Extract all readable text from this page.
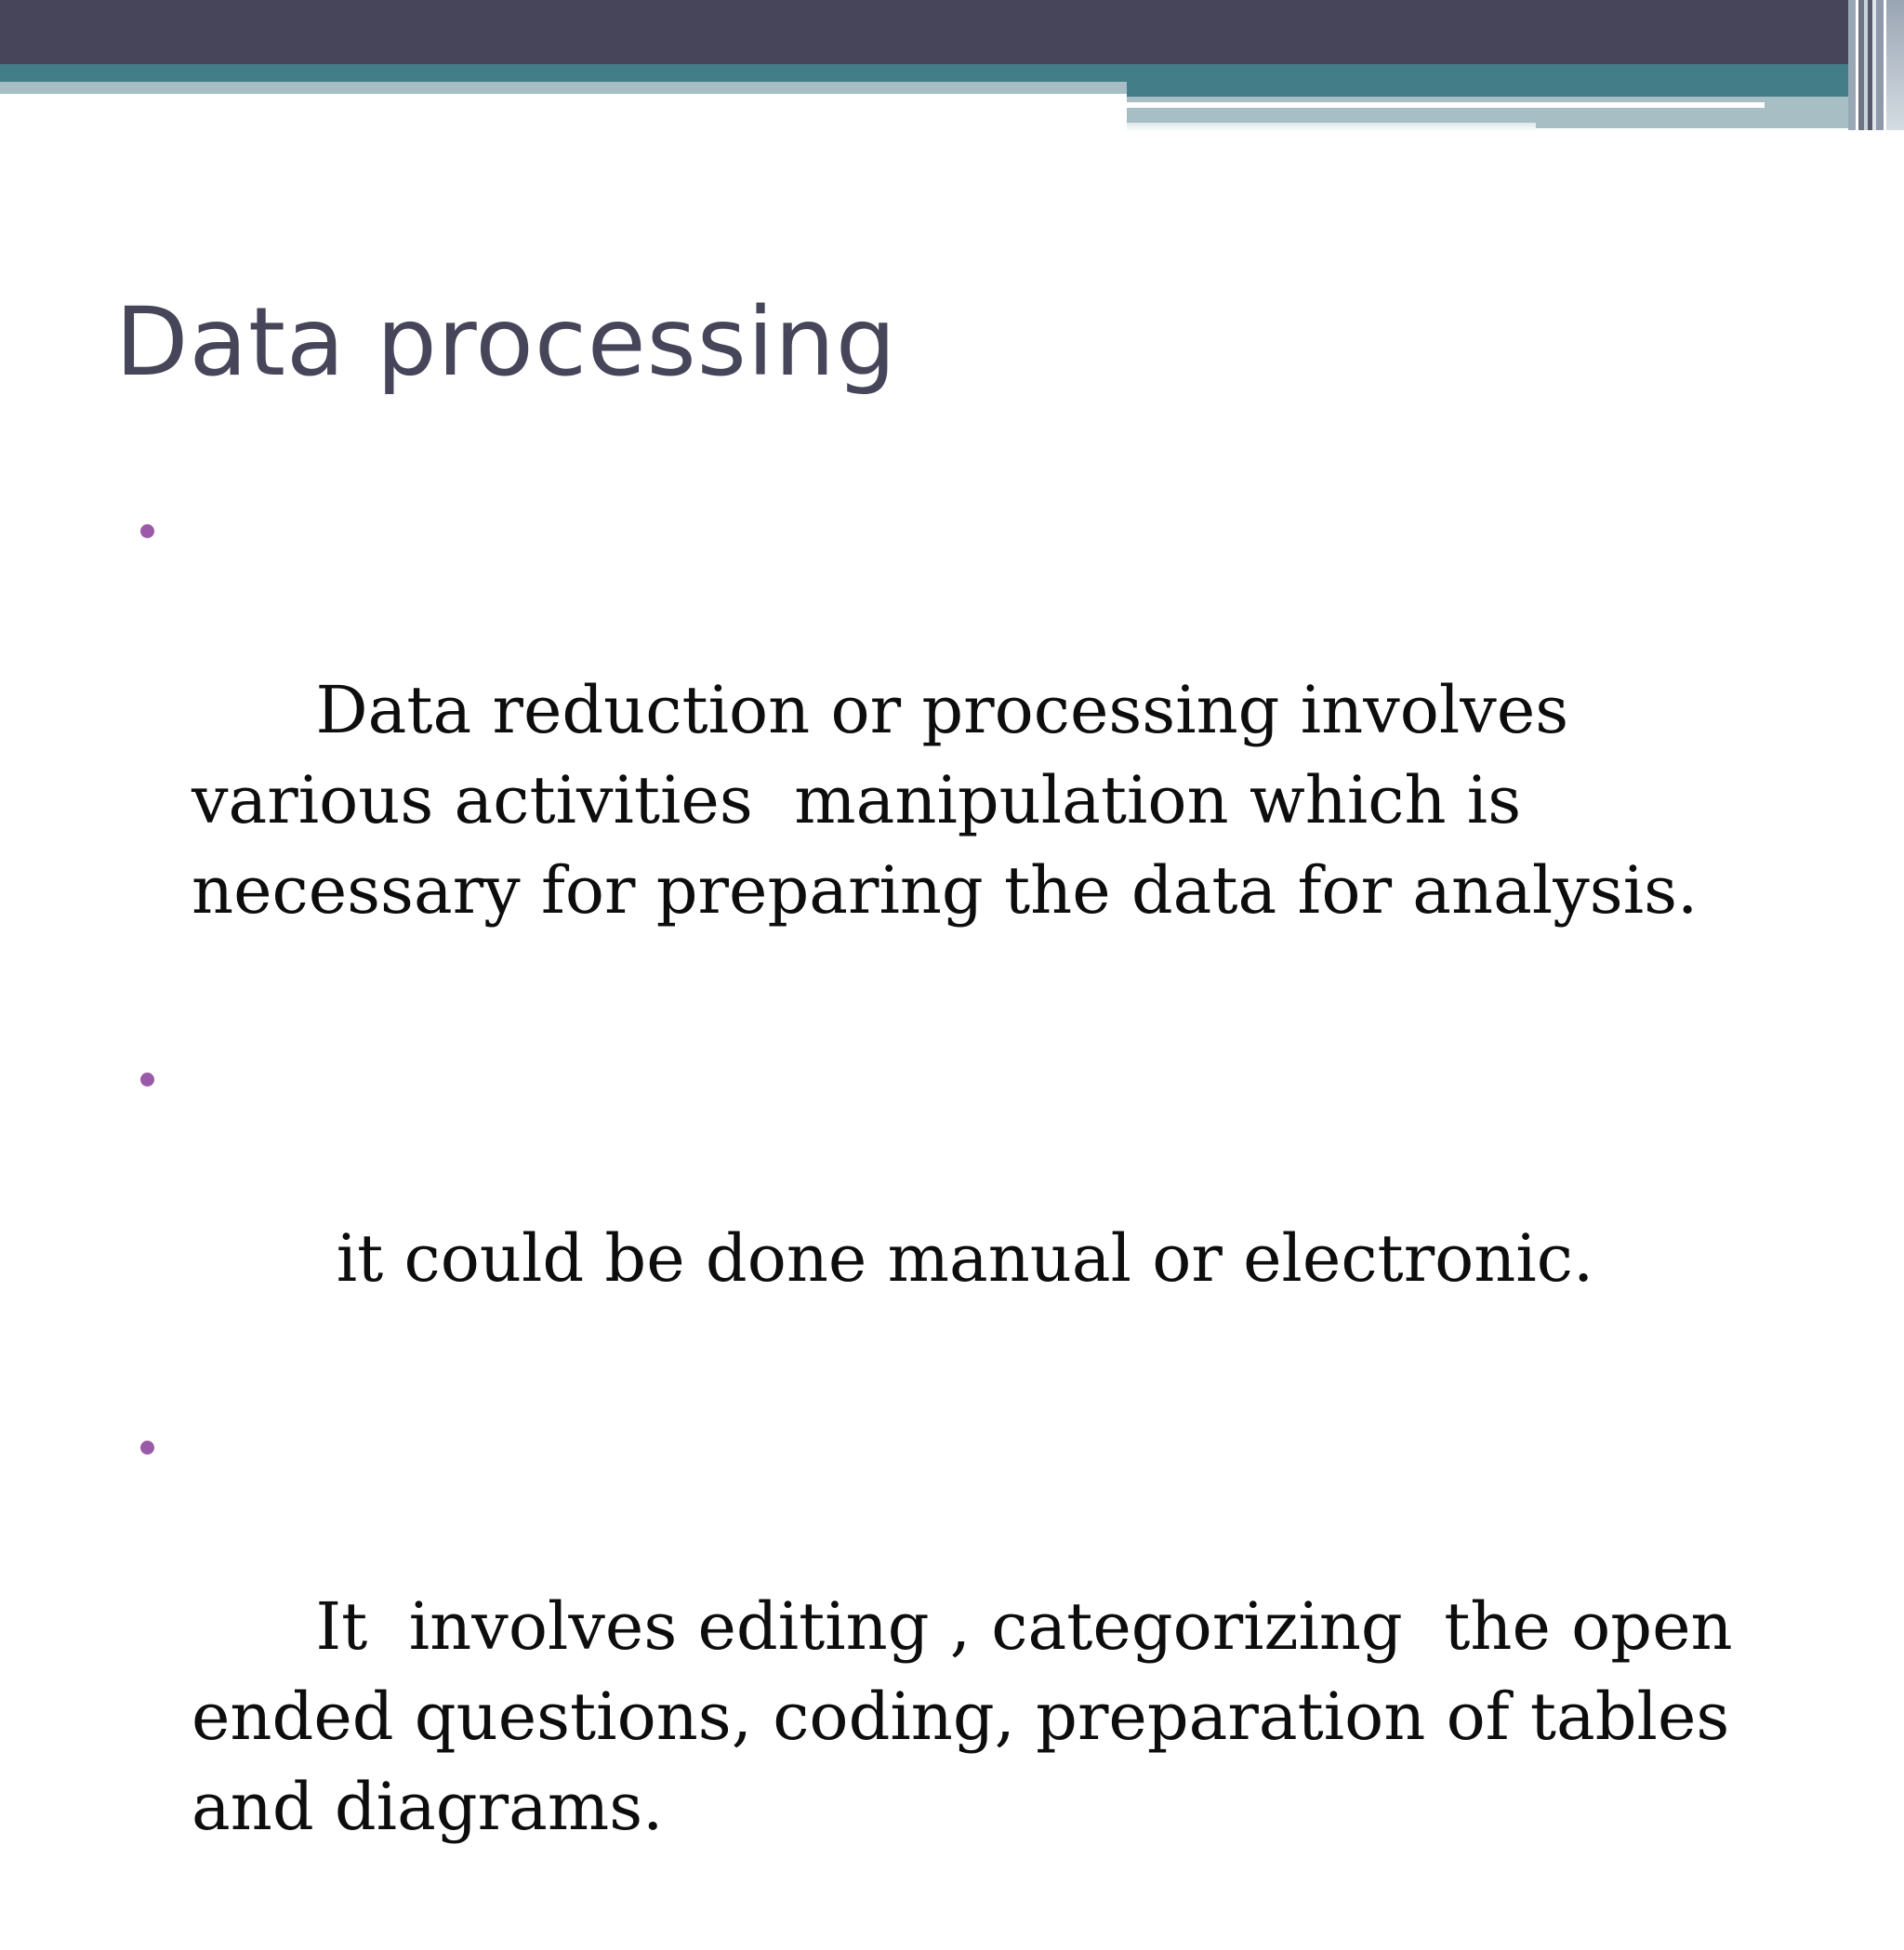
Data processing

Data reduction or processing involves various activities  manipulation which is necessary for preparing the data for analysis.

it could be done manual or electronic.

It  involves editing , categorizing  the open ended questions, coding, preparation of tables and diagrams.
